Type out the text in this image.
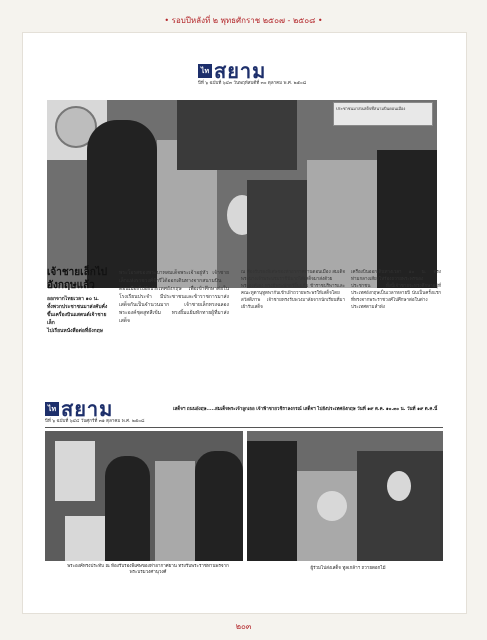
• รอบปีหลังที่ ๒ พุทธศักราช ๒๕๐๗ - ๒๕๐๘ •
ไท สยาม
ปีที่ ๖ ฉบับที่ ๖๔๓ วันพฤหัสบดีที่ ๓๐ ตุลาคม พ.ศ. ๒๕๐๘
ประชาชนมาส่งเสด็จที่สนามบินดอนเมือง
เจ้าชายเล็กไป
อังกฤษแล้ว
ออกจากไทยเวลา ๑๐ น.
ทั้งพวกประชาชนมาส่งคับคั่ง
ขึ้นเครื่องบินแสตนด์เจ้าชายเล็ก
ไปเรียนหนังสือต่อที่อังกฤษ
พระโอรสของพระบาทสมเด็จพระเจ้าอยู่หัว เจ้าชายเล็กแห่งราชวงศ์จักรีได้ออกเดินทางจากสนามบินดอนเมืองไปยังประเทศอังกฤษ เพื่อเข้าศึกษาต่อในโรงเรียนประจำ มีประชาชนและข้าราชการมาส่งเสด็จกันเป็นจำนวนมาก เจ้าชายเล็กทรงฉลองพระองค์ชุดสูทสีเข้ม ทรงยิ้มแย้มทักทายผู้ที่มาส่งเสด็จ
ณ ห้องรับรองพิเศษของท่าอากาศยานดอนเมือง สมเด็จพระนางเจ้าพระบรมราชินีนาถได้เสด็จมาส่งด้วยพระองค์เอง ทรงมีพระพักตร์ยิ้มแย้ม ข้าราชบริพารและคณะทูตานุทูตพากันเข้าเฝ้าถวายพระพรให้เสด็จโดยสวัสดิภาพ เจ้าชายทรงรับพวงมาลัยจากนักเรียนที่มาเฝ้ารับเสด็จ
เครื่องบินออกเดินทางเวลา ๑๐ น. ตรง ท่ามกลางเสียงโห่ร้องถวายพระพรของประชาชน ทั้งนี้เจ้าชายจะทรงศึกษาอยู่ที่ประเทศอังกฤษเป็นเวลาหลายปี นับเป็นครั้งแรกที่ทรงจากพระราชวงศ์ไปศึกษาต่อในต่างประเทศตามลำพัง
ไท สยาม
ปีที่ ๖ ฉบับที่ ๖๔๔ วันศุกร์ที่ ๓๑ ตุลาคม พ.ศ. ๒๕๐๘
เสด็จฯ ถนนอังฤษ.....สมเด็จพระเจ้าลูกเธอ เจ้าฟ้าชายวชิราลงกรณ์ เสด็จฯ ไปยังประเทศอังกฤษ วันที่ ๑๙ ต.ค. ๑๐.๓๐ น. วันที่ ๑๙ ต.ค.นี้
พระองค์ทรงประทับ ณ ห้องรับรองพิเศษของท่าอากาศยาน ทรงรับพระราชทานพรจากพระบรมวงศานุวงศ์
ผู้ร่วมไปส่งเสด็จ ทูลเกล้าฯ ถวายดอกไม้
๒๐๓
